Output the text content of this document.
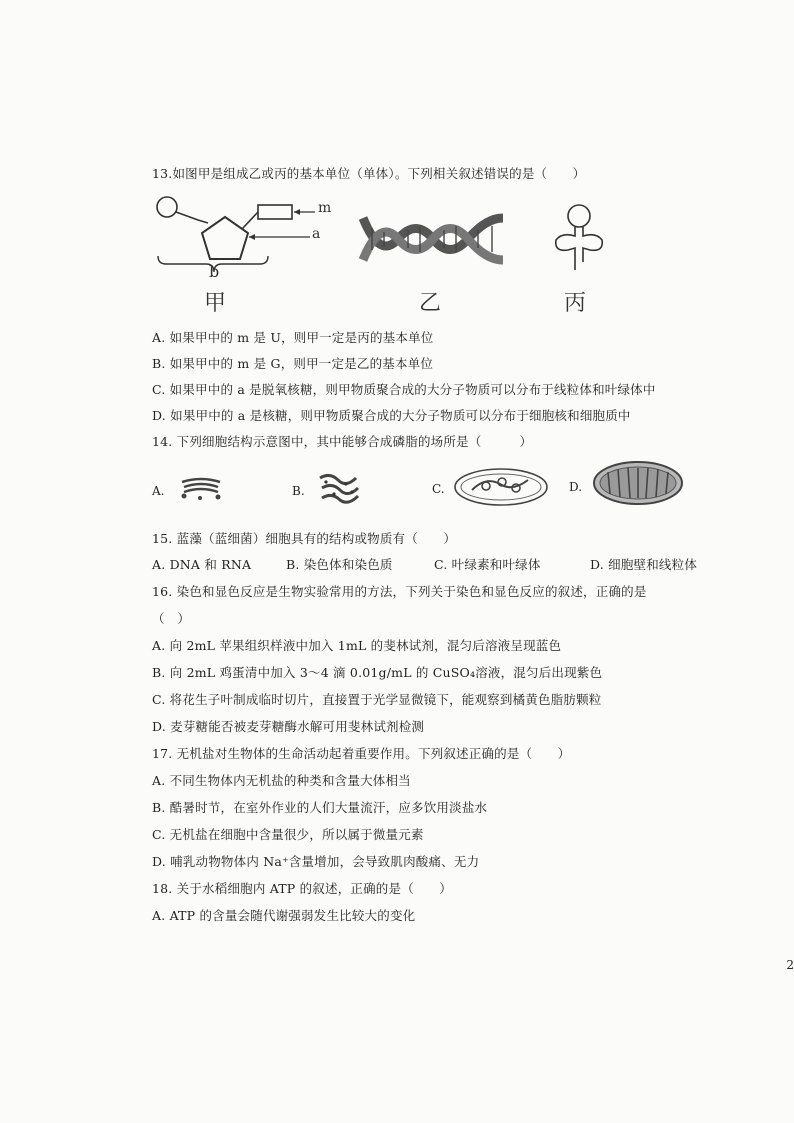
13.如图甲是组成乙或丙的基本单位（单体）。下列相关叙述错误的是（　　）
m
a
b
甲	乙	丙
A. 如果甲中的 m 是 U，则甲一定是丙的基本单位
B. 如果甲中的 m 是 G，则甲一定是乙的基本单位
C. 如果甲中的 a 是脱氧核糖，则甲物质聚合成的大分子物质可以分布于线粒体和叶绿体中
D. 如果甲中的 a 是核糖，则甲物质聚合成的大分子物质可以分布于细胞核和细胞质中
14. 下列细胞结构示意图中，其中能够合成磷脂的场所是（　　　）
A.	B.	C.	D.
15. 蓝藻（蓝细菌）细胞具有的结构或物质有（　　）
A. DNA 和 RNA	B. 染色体和染色质	C. 叶绿素和叶绿体	D. 细胞壁和线粒体
16. 染色和显色反应是生物实验常用的方法，下列关于染色和显色反应的叙述，正确的是
（　）
A. 向 2mL 苹果组织样液中加入 1mL 的斐林试剂，混匀后溶液呈现蓝色
B. 向 2mL 鸡蛋清中加入 3～4 滴 0.01g/mL 的 CuSO₄溶液，混匀后出现紫色
C. 将花生子叶制成临时切片，直接置于光学显微镜下，能观察到橘黄色脂肪颗粒
D. 麦芽糖能否被麦芽糖酶水解可用斐林试剂检测
17. 无机盐对生物体的生命活动起着重要作用。下列叙述正确的是（　　）
A. 不同生物体内无机盐的种类和含量大体相当
B. 酷暑时节，在室外作业的人们大量流汗，应多饮用淡盐水
C. 无机盐在细胞中含量很少，所以属于微量元素
D. 哺乳动物物体内 Na⁺含量增加，会导致肌肉酸痛、无力
18. 关于水稻细胞内 ATP 的叙述，正确的是（　　）
A. ATP 的含量会随代谢强弱发生比较大的变化
2
